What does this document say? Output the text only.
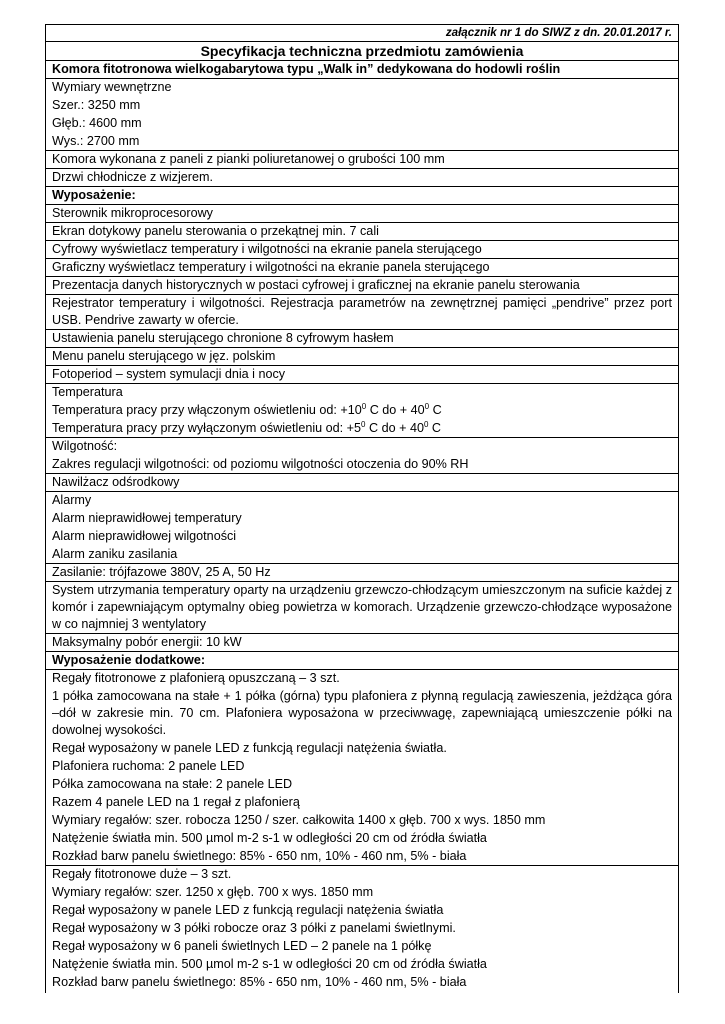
załącznik nr 1 do SIWZ z dn. 20.01.2017 r.
Specyfikacja techniczna przedmiotu zamówienia
Komora fitotronowa wielkogabarytowa typu „Walk in” dedykowana do hodowli roślin

Wymiary wewnętrzne
Szer.: 3250 mm
Głęb.: 4600 mm
Wys.: 2700 mm

Komora wykonana z paneli z pianki poliuretanowej o grubości 100 mm
Drzwi chłodnicze z wizjerem.
Wyposażenie:
Sterownik mikroprocesorowy
Ekran dotykowy panelu sterowania o przekątnej min. 7 cali
Cyfrowy wyświetlacz temperatury i wilgotności na ekranie panela sterującego
Graficzny wyświetlacz temperatury i wilgotności na ekranie panela sterującego
Prezentacja danych historycznych w postaci cyfrowej i graficznej na ekranie panelu sterowania
Rejestrator temperatury i wilgotności. Rejestracja parametrów na zewnętrznej pamięci „pendrive” przez port USB. Pendrive zawarty w ofercie.
Ustawienia panelu sterującego chronione 8 cyfrowym hasłem
Menu panelu sterującego w jęz. polskim
Fotoperiod – system symulacji dnia i nocy

Temperatura
Temperatura pracy przy włączonym oświetleniu od: $+10^0$ C do + $40^0$ C
Temperatura pracy przy wyłączonym oświetleniu od: $+5^0$ C do + $40^0$ C

Wilgotność:
Zakres regulacji wilgotności: od poziomu wilgotności otoczenia do 90% RH

Nawilżacz odśrodkowy

Alarmy
Alarm nieprawidłowej temperatury
Alarm nieprawidłowej wilgotności
Alarm zaniku zasilania

Zasilanie: trójfazowe 380V, 25 A, 50 Hz
System utrzymania temperatury oparty na urządzeniu grzewczo-chłodzącym umieszczonym na suficie każdej z komór i zapewniającym optymalny obieg powietrza w komorach. Urządzenie grzewczo-chłodzące wyposażone w co najmniej 3 wentylatory
Maksymalny pobór energii: 10 kW
Wyposażenie dodatkowe:

Regały fitotronowe z plafonierą opuszczaną – 3 szt.
1 półka zamocowana na stałe + 1 półka (górna) typu plafoniera z płynną regulacją zawieszenia, jeżdżąca góra –dół w zakresie min. 70 cm. Plafoniera wyposażona w przeciwwagę, zapewniającą umieszczenie półki na dowolnej wysokości.
Regał wyposażony w panele LED z funkcją regulacji natężenia światła.
Plafoniera ruchoma: 2 panele LED
Półka zamocowana na stałe: 2 panele LED
Razem 4 panele LED na 1 regał z plafonierą
Wymiary regałów: szer. robocza 1250 / szer. całkowita 1400 x głęb. 700 x wys. 1850 mm
Natężenie światła min. 500 µmol m-2 s-1 w odległości 20 cm od źródła światła
Rozkład barw panelu świetlnego: 85% - 650 nm, 10% - 460 nm, 5% - biała

Regały fitotronowe duże – 3 szt.
Wymiary regałów: szer. 1250 x głęb. 700 x wys. 1850 mm
Regał wyposażony w panele LED z funkcją regulacji natężenia światła
Regał wyposażony w 3 półki robocze oraz 3 półki z panelami świetlnymi.
Regał wyposażony w 6 paneli świetlnych LED – 2 panele na 1 półkę
Natężenie światła min. 500 µmol m-2 s-1 w odległości 20 cm od źródła światła
Rozkład barw panelu świetlnego: 85% - 650 nm, 10% - 460 nm, 5% - biała
